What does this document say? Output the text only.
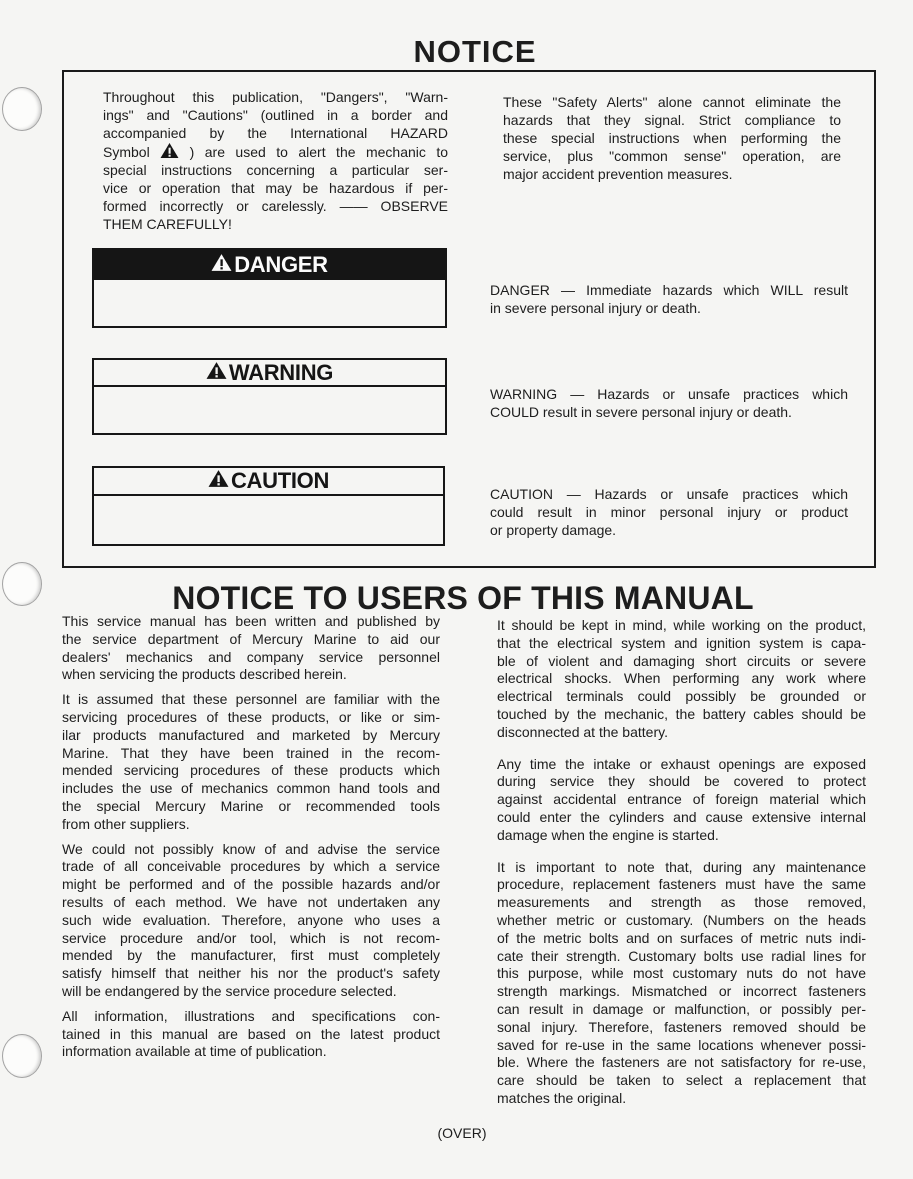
NOTICE
Throughout this publication, "Dangers", "Warn-
ings" and "Cautions" (outlined in a border and
accompanied by the International HAZARD
Symbol	) are used to alert the mechanic to
special instructions concerning a particular ser-
vice or operation that may be hazardous if per-
formed incorrectly or carelessly. —— OBSERVE
THEM CAREFULLY!
These "Safety Alerts" alone cannot eliminate the
hazards that they signal. Strict compliance to
these special instructions when performing the
service, plus "common sense" operation, are
major accident prevention measures.
DANGER
DANGER — Immediate hazards which WILL result
in severe personal injury or death.
WARNING
WARNING — Hazards or unsafe practices which
COULD result in severe personal injury or death.
CAUTION
CAUTION — Hazards or unsafe practices which
could result in minor personal injury or product
or property damage.
NOTICE TO USERS OF THIS MANUAL
This service manual has been written and published by
the service department of Mercury Marine to aid our
dealers' mechanics and company service personnel
when servicing the products described herein.
It is assumed that these personnel are familiar with the
servicing procedures of these products, or like or sim-
ilar products manufactured and marketed by Mercury
Marine. That they have been trained in the recom-
mended servicing procedures of these products which
includes the use of mechanics common hand tools and
the special Mercury Marine or recommended tools
from other suppliers.
We could not possibly know of and advise the service
trade of all conceivable procedures by which a service
might be performed and of the possible hazards and/or
results of each method. We have not undertaken any
such wide evaluation. Therefore, anyone who uses a
service procedure and/or tool, which is not recom-
mended by the manufacturer, first must completely
satisfy himself that neither his nor the product's safety
will be endangered by the service procedure selected.
All information, illustrations and specifications con-
tained in this manual are based on the latest product
information available at time of publication.
It should be kept in mind, while working on the product,
that the electrical system and ignition system is capa-
ble of violent and damaging short circuits or severe
electrical shocks. When performing any work where
electrical terminals could possibly be grounded or
touched by the mechanic, the battery cables should be
disconnected at the battery.
Any time the intake or exhaust openings are exposed
during service they should be covered to protect
against accidental entrance of foreign material which
could enter the cylinders and cause extensive internal
damage when the engine is started.
It is important to note that, during any maintenance
procedure, replacement fasteners must have the same
measurements and strength as those removed,
whether metric or customary. (Numbers on the heads
of the metric bolts and on surfaces of metric nuts indi-
cate their strength. Customary bolts use radial lines for
this purpose, while most customary nuts do not have
strength markings. Mismatched or incorrect fasteners
can result in damage or malfunction, or possibly per-
sonal injury. Therefore, fasteners removed should be
saved for re-use in the same locations whenever possi-
ble. Where the fasteners are not satisfactory for re-use,
care should be taken to select a replacement that
matches the original.
(OVER)
